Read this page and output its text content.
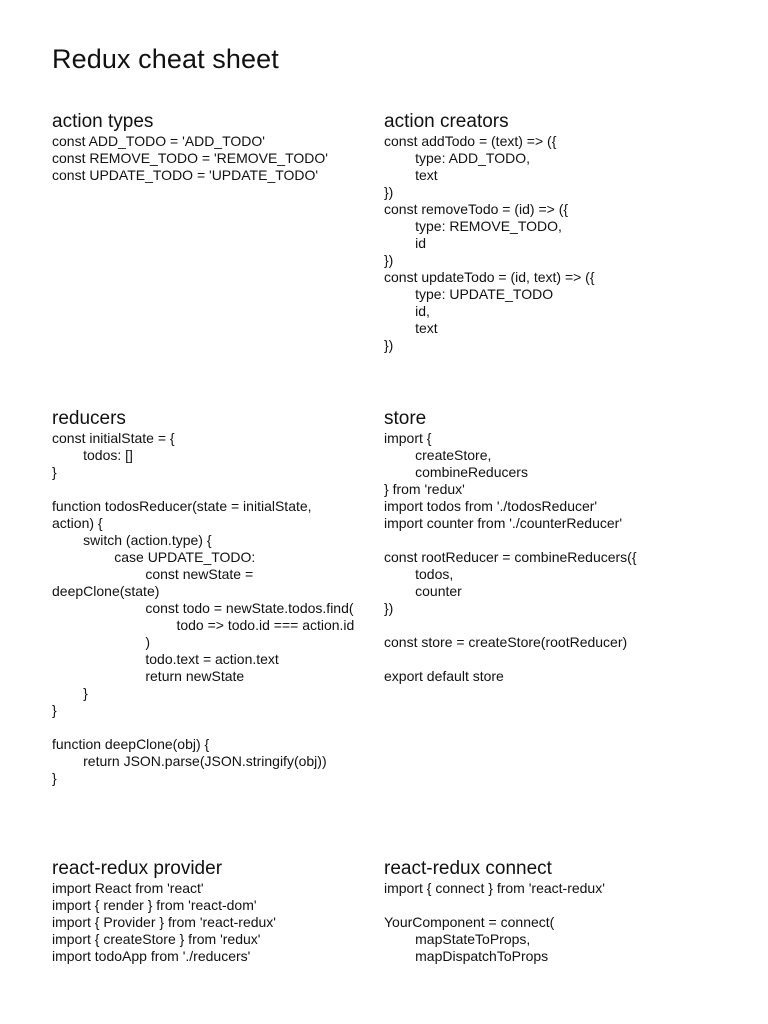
Redux cheat sheet
action types
const ADD_TODO = 'ADD_TODO'
const REMOVE_TODO = 'REMOVE_TODO'
const UPDATE_TODO = 'UPDATE_TODO'
action creators
const addTodo = (text) => ({
type: ADD_TODO,
text
})
const removeTodo = (id) => ({
type: REMOVE_TODO,
id
})
const updateTodo = (id, text) => ({
type: UPDATE_TODO
id,
text
})
reducers
const initialState = {
todos: []
}
function todosReducer(state = initialState,
action) {
switch (action.type) {
case UPDATE_TODO:
const newState =
deepClone(state)
const todo = newState.todos.find(
todo => todo.id === action.id
)
todo.text = action.text
return newState
}
}
function deepClone(obj) {
return JSON.parse(JSON.stringify(obj))
}
store
import {
createStore,
combineReducers
} from 'redux'
import todos from './todosReducer'
import counter from './counterReducer'
const rootReducer = combineReducers({
todos,
counter
})
const store = createStore(rootReducer)
export default store
react-redux provider
import React from 'react'
import { render } from 'react-dom'
import { Provider } from 'react-redux'
import { createStore } from 'redux'
import todoApp from './reducers'
react-redux connect
import { connect } from 'react-redux'
YourComponent = connect(
mapStateToProps,
mapDispatchToProps
